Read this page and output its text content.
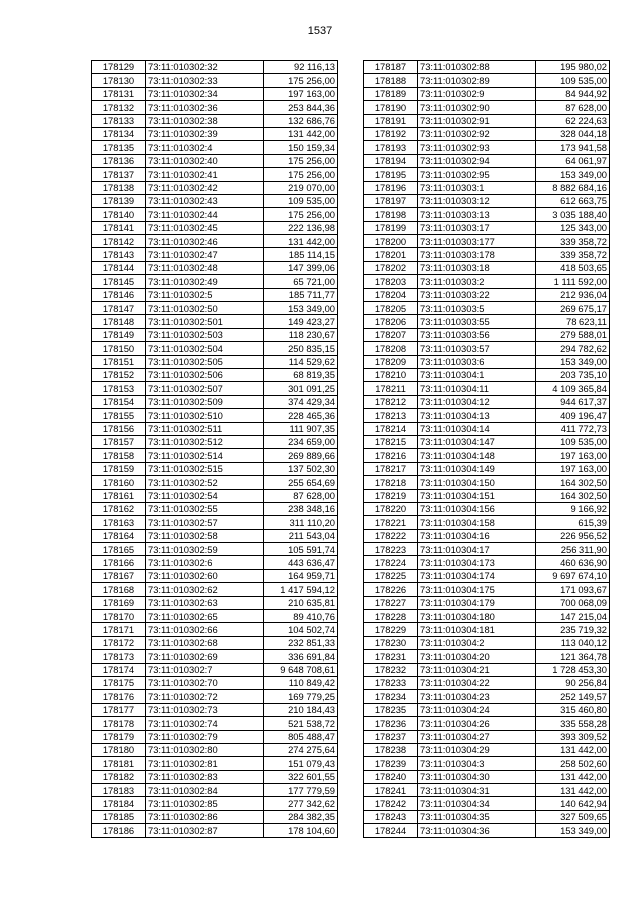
1537
178129	73:11:010302:32	92 116,13
178130	73:11:010302:33	175 256,00
178131	73:11:010302:34	197 163,00
178132	73:11:010302:36	253 844,36
178133	73:11:010302:38	132 686,76
178134	73:11:010302:39	131 442,00
178135	73:11:010302:4	150 159,34
178136	73:11:010302:40	175 256,00
178137	73:11:010302:41	175 256,00
178138	73:11:010302:42	219 070,00
178139	73:11:010302:43	109 535,00
178140	73:11:010302:44	175 256,00
178141	73:11:010302:45	222 136,98
178142	73:11:010302:46	131 442,00
178143	73:11:010302:47	185 114,15
178144	73:11:010302:48	147 399,06
178145	73:11:010302:49	65 721,00
178146	73:11:010302:5	185 711,77
178147	73:11:010302:50	153 349,00
178148	73:11:010302:501	149 423,27
178149	73:11:010302:503	118 230,67
178150	73:11:010302:504	250 835,15
178151	73:11:010302:505	114 529,62
178152	73:11:010302:506	68 819,35
178153	73:11:010302:507	301 091,25
178154	73:11:010302:509	374 429,34
178155	73:11:010302:510	228 465,36
178156	73:11:010302:511	111 907,35
178157	73:11:010302:512	234 659,00
178158	73:11:010302:514	269 889,66
178159	73:11:010302:515	137 502,30
178160	73:11:010302:52	255 654,69
178161	73:11:010302:54	87 628,00
178162	73:11:010302:55	238 348,16
178163	73:11:010302:57	311 110,20
178164	73:11:010302:58	211 543,04
178165	73:11:010302:59	105 591,74
178166	73:11:010302:6	443 636,47
178167	73:11:010302:60	164 959,71
178168	73:11:010302:62	1 417 594,12
178169	73:11:010302:63	210 635,81
178170	73:11:010302:65	89 410,76
178171	73:11:010302:66	104 502,74
178172	73:11:010302:68	232 851,33
178173	73:11:010302:69	336 691,84
178174	73:11:010302:7	9 648 708,61
178175	73:11:010302:70	110 849,42
178176	73:11:010302:72	169 779,25
178177	73:11:010302:73	210 184,43
178178	73:11:010302:74	521 538,72
178179	73:11:010302:79	805 488,47
178180	73:11:010302:80	274 275,64
178181	73:11:010302:81	151 079,43
178182	73:11:010302:83	322 601,55
178183	73:11:010302:84	177 779,59
178184	73:11:010302:85	277 342,62
178185	73:11:010302:86	284 382,35
178186	73:11:010302:87	178 104,60
178187	73:11:010302:88	195 980,02
178188	73:11:010302:89	109 535,00
178189	73:11:010302:9	84 944,92
178190	73:11:010302:90	87 628,00
178191	73:11:010302:91	62 224,63
178192	73:11:010302:92	328 044,18
178193	73:11:010302:93	173 941,58
178194	73:11:010302:94	64 061,97
178195	73:11:010302:95	153 349,00
178196	73:11:010303:1	8 882 684,16
178197	73:11:010303:12	612 663,75
178198	73:11:010303:13	3 035 188,40
178199	73:11:010303:17	125 343,00
178200	73:11:010303:177	339 358,72
178201	73:11:010303:178	339 358,72
178202	73:11:010303:18	418 503,65
178203	73:11:010303:2	1 111 592,00
178204	73:11:010303:22	212 936,04
178205	73:11:010303:5	269 675,17
178206	73:11:010303:55	78 623,11
178207	73:11:010303:56	279 588,01
178208	73:11:010303:57	294 782,62
178209	73:11:010303:6	153 349,00
178210	73:11:010304:1	203 735,10
178211	73:11:010304:11	4 109 365,84
178212	73:11:010304:12	944 617,37
178213	73:11:010304:13	409 196,47
178214	73:11:010304:14	411 772,73
178215	73:11:010304:147	109 535,00
178216	73:11:010304:148	197 163,00
178217	73:11:010304:149	197 163,00
178218	73:11:010304:150	164 302,50
178219	73:11:010304:151	164 302,50
178220	73:11:010304:156	9 166,92
178221	73:11:010304:158	615,39
178222	73:11:010304:16	226 956,52
178223	73:11:010304:17	256 311,90
178224	73:11:010304:173	460 636,90
178225	73:11:010304:174	9 697 674,10
178226	73:11:010304:175	171 093,67
178227	73:11:010304:179	700 068,09
178228	73:11:010304:180	147 215,04
178229	73:11:010304:181	235 719,32
178230	73:11:010304:2	113 040,12
178231	73:11:010304:20	121 364,78
178232	73:11:010304:21	1 728 453,30
178233	73:11:010304:22	90 256,84
178234	73:11:010304:23	252 149,57
178235	73:11:010304:24	315 460,80
178236	73:11:010304:26	335 558,28
178237	73:11:010304:27	393 309,52
178238	73:11:010304:29	131 442,00
178239	73:11:010304:3	258 502,60
178240	73:11:010304:30	131 442,00
178241	73:11:010304:31	131 442,00
178242	73:11:010304:34	140 642,94
178243	73:11:010304:35	327 509,65
178244	73:11:010304:36	153 349,00
